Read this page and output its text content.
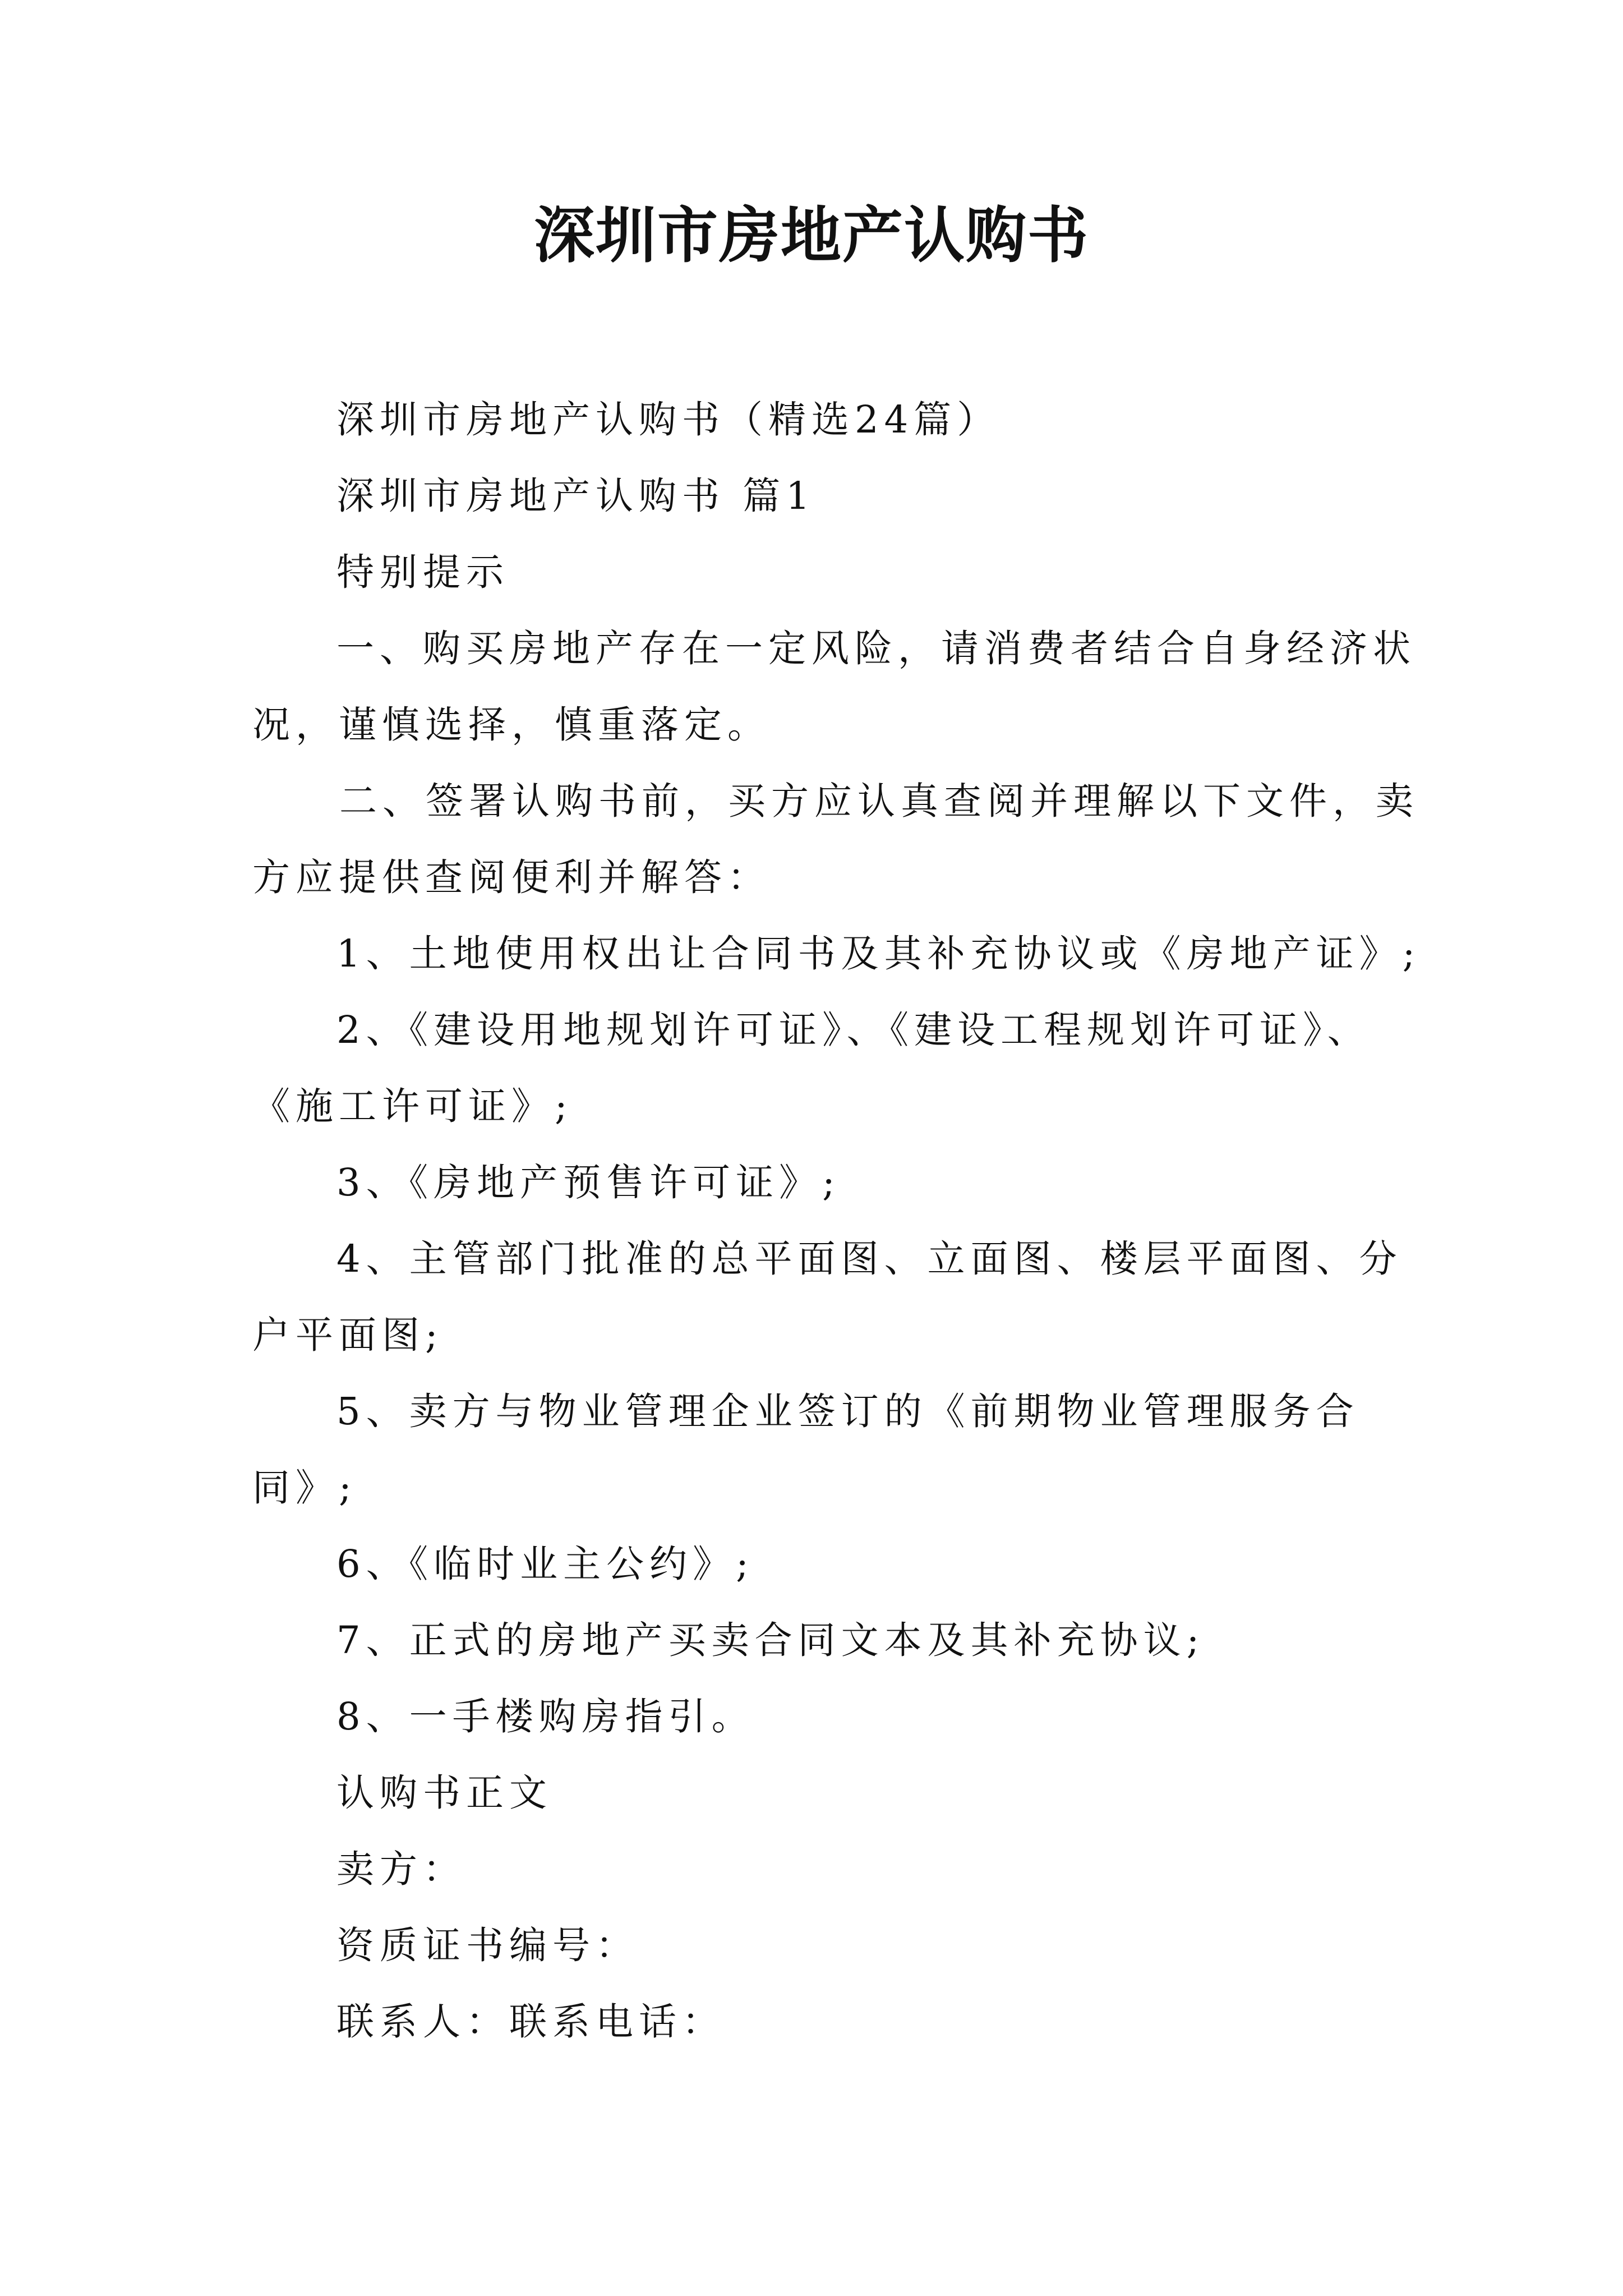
深圳市房地产认购书

深圳市房地产认购书（精选24篇）

深圳市房地产认购书 篇1

特别提示

一、购买房地产存在一定风险，请消费者结合自身经济状况，谨慎选择，慎重落定。

二、签署认购书前，买方应认真查阅并理解以下文件，卖方应提供查阅便利并解答：

1、土地使用权出让合同书及其补充协议或《房地产证》;

2、《建设用地规划许可证》、《建设工程规划许可证》、《施工许可证》;

3、《房地产预售许可证》;

4、主管部门批准的总平面图、立面图、楼层平面图、分户平面图;

5、卖方与物业管理企业签订的《前期物业管理服务合同》;

6、《临时业主公约》;

7、正式的房地产买卖合同文本及其补充协议;

8、一手楼购房指引。

认购书正文

卖方：

资质证书编号：

联系人：联系电话：
